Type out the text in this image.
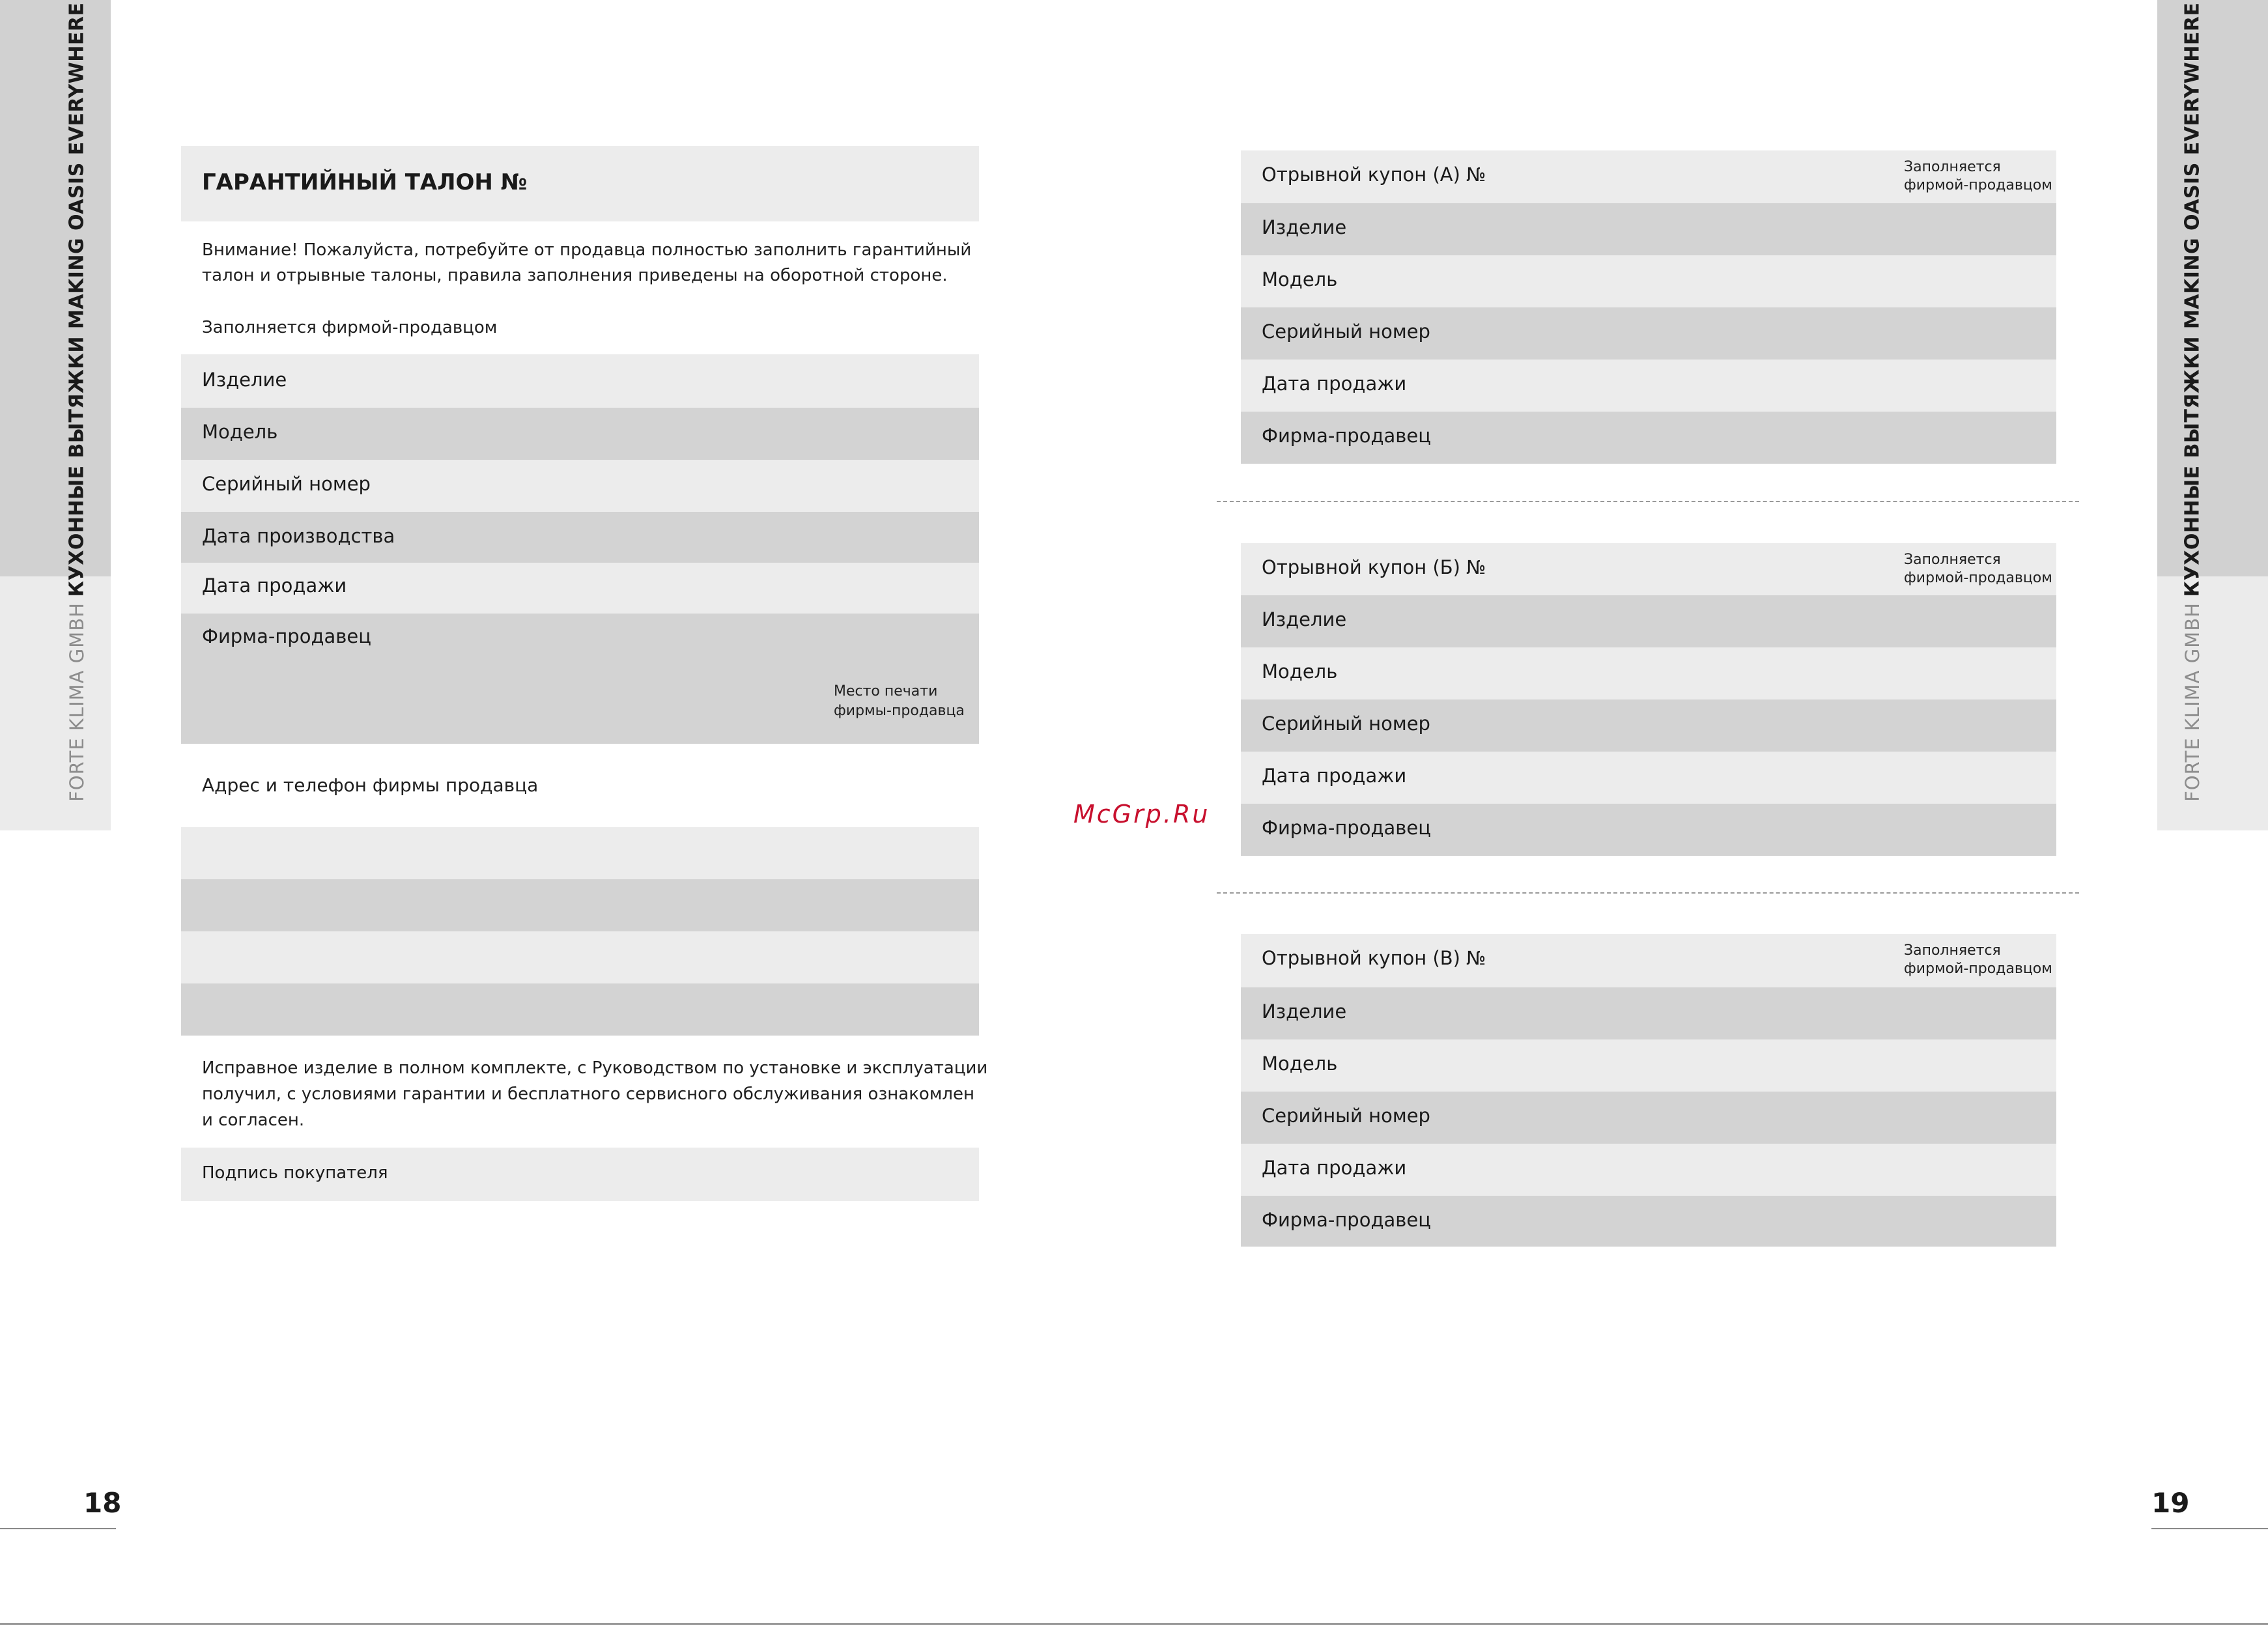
КУХОННЫЕ ВЫТЯЖКИ MAKING OASIS EVERYWHERE
FORTE KLIMA GMBH
КУХОННЫЕ ВЫТЯЖКИ MAKING OASIS EVERYWHERE
FORTE KLIMA GMBH
ГАРАНТИЙНЫЙ ТАЛОН №
Внимание! Пожалуйста, потребуйте от продавца полностью заполнить гарантийный
талон и отрывные талоны, правила заполнения приведены на оборотной стороне.
Заполняется фирмой-продавцом
Изделие
Модель
Серийный номер
Дата производства
Дата продажи
Фирма-продавец
Место печати
фирмы-продавца
Адрес и телефон фирмы продавца
Исправное изделие в полном комплекте, с Руководством по установке и эксплуатации
получил, с условиями гарантии и бесплатного сервисного обслуживания ознакомлен
и согласен.
Подпись покупателя
McGrp.Ru
Отрывной купон (А) №	Заполняется
фирмой-продавцом
Изделие
Модель
Серийный номер
Дата продажи
Фирма-продавец
Отрывной купон (Б) №	Заполняется
фирмой-продавцом
Изделие
Модель
Серийный номер
Дата продажи
Фирма-продавец
Отрывной купон (В) №	Заполняется
фирмой-продавцом
Изделие
Модель
Серийный номер
Дата продажи
Фирма-продавец
18	19
